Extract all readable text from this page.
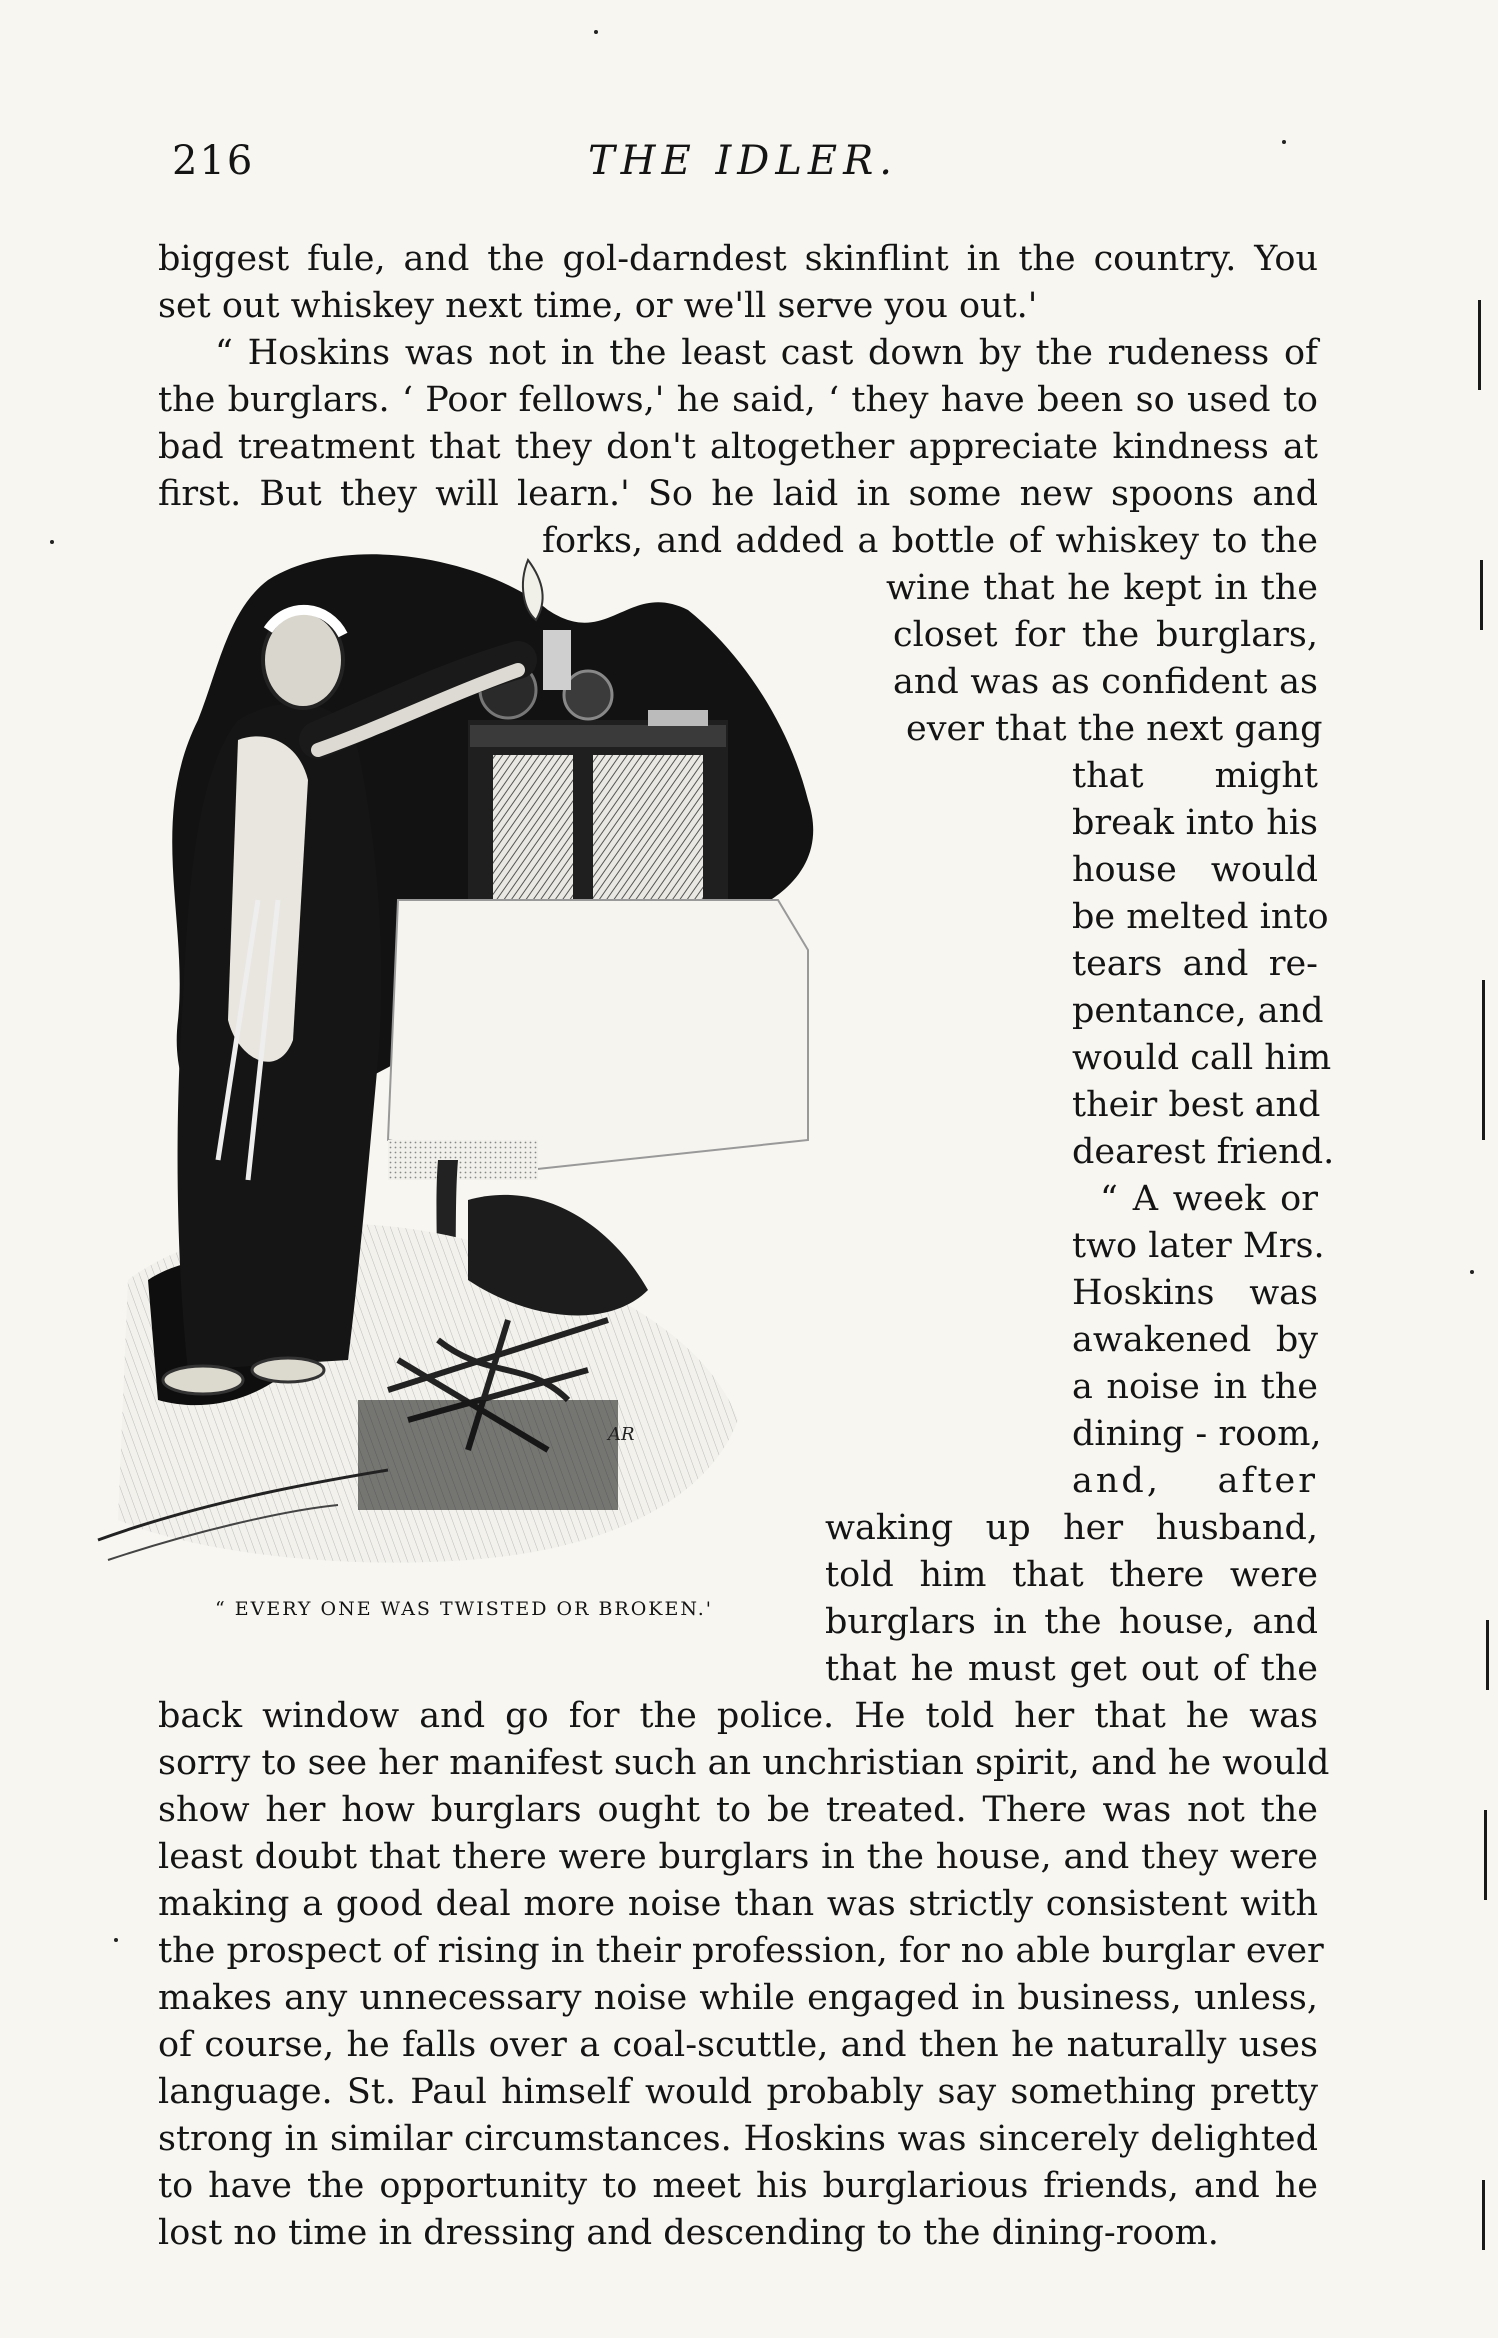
216	THE IDLER.
biggest fule, and the gol-darndest skinflint in the country. You
set out whiskey next time, or we'll serve you out.'
“ Hoskins was not in the least cast down by the rudeness of
the burglars. ‘ Poor fellows,' he said, ‘ they have been so used to
bad treatment that they don't altogether appreciate kindness at
first. But they will learn.' So he laid in some new spoons and
forks, and added a bottle of whiskey to the
wine that he kept in the
closet for the burglars,
and was as confident as
ever that the next gang
that might
break into his
house would
be melted into
tears and re-
pentance, and
would call him
their best and
dearest friend.
“ A week or
two later Mrs.
Hoskins was
awakened by
a noise in the
dining - room,
and, after
waking up her husband,
told him that there were
burglars in the house, and
that he must get out of the
back window and go for the police. He told her that he was
sorry to see her manifest such an unchristian spirit, and he would
show her how burglars ought to be treated. There was not the
least doubt that there were burglars in the house, and they were
making a good deal more noise than was strictly consistent with
the prospect of rising in their profession, for no able burglar ever
makes any unnecessary noise while engaged in business, unless,
of course, he falls over a coal-scuttle, and then he naturally uses
language. St. Paul himself would probably say something pretty
strong in similar circumstances. Hoskins was sincerely delighted
to have the opportunity to meet his burglarious friends, and he
lost no time in dressing and descending to the dining-room.
AR
“ EVERY ONE WAS TWISTED OR BROKEN.'
